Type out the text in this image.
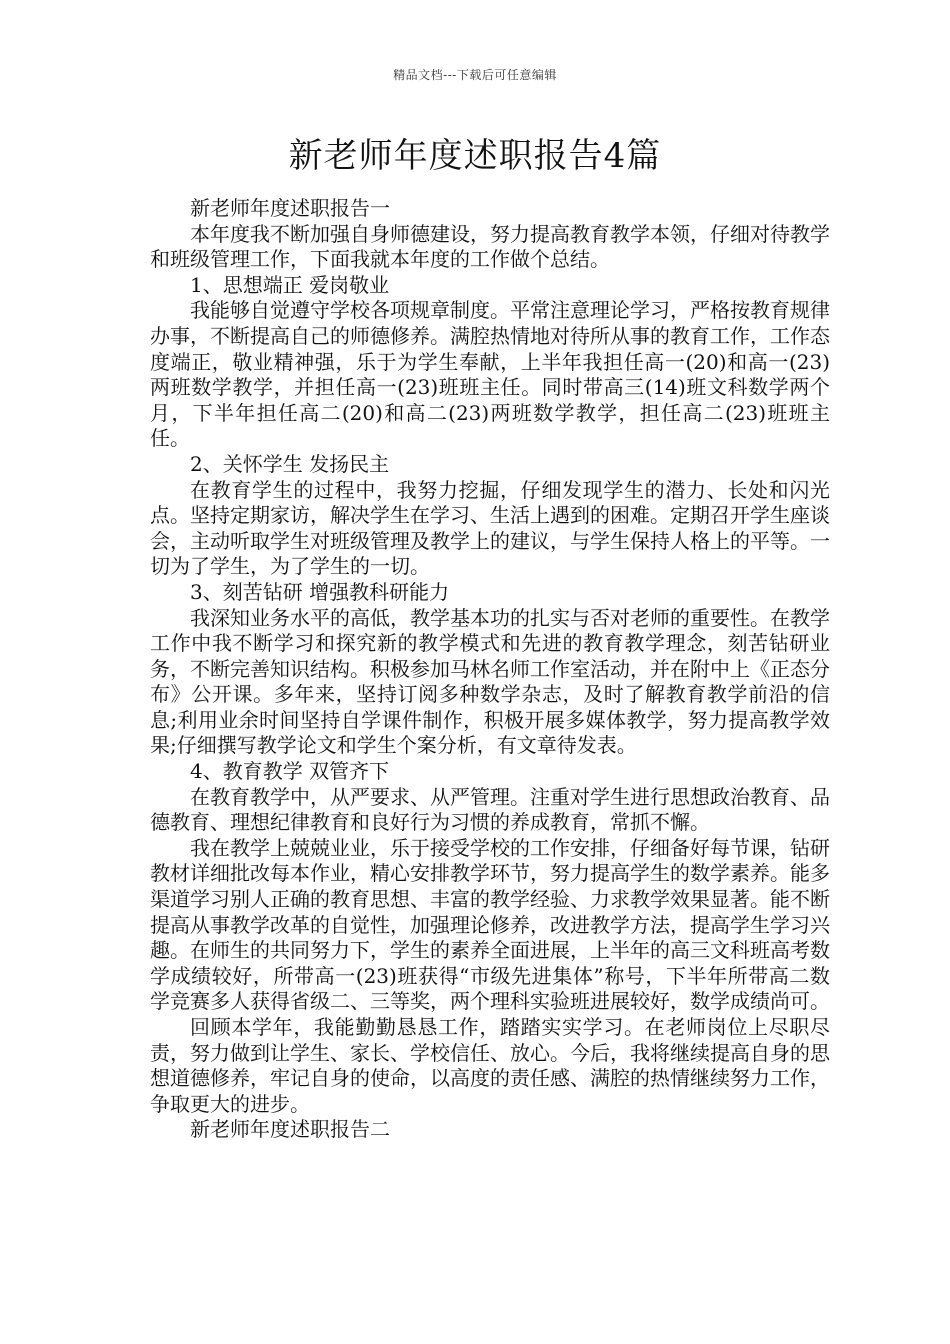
精品文档---下载后可任意编辑
新老师年度述职报告4篇

新老师年度述职报告一

本年度我不断加强自身师德建设，努力提高教育教学本领，仔细对待教学和班级管理工作，下面我就本年度的工作做个总结。

1、思想端正 爱岗敬业

我能够自觉遵守学校各项规章制度。平常注意理论学习，严格按教育规律办事，不断提高自己的师德修养。满腔热情地对待所从事的教育工作，工作态度端正，敬业精神强，乐于为学生奉献，上半年我担任高一(20)和高一(23)两班数学教学，并担任高一(23)班班主任。同时带高三(14)班文科数学两个月，下半年担任高二(20)和高二(23)两班数学教学，担任高二(23)班班主任。

2、关怀学生 发扬民主

在教育学生的过程中，我努力挖掘，仔细发现学生的潜力、长处和闪光点。坚持定期家访，解决学生在学习、生活上遇到的困难。定期召开学生座谈会，主动听取学生对班级管理及教学上的建议，与学生保持人格上的平等。一切为了学生，为了学生的一切。

3、刻苦钻研 增强教科研能力

我深知业务水平的高低，教学基本功的扎实与否对老师的重要性。在教学工作中我不断学习和探究新的教学模式和先进的教育教学理念，刻苦钻研业务，不断完善知识结构。积极参加马林名师工作室活动，并在附中上《正态分布》公开课。多年来，坚持订阅多种数学杂志，及时了解教育教学前沿的信息;利用业余时间坚持自学课件制作，积极开展多媒体教学，努力提高教学效果;仔细撰写教学论文和学生个案分析，有文章待发表。

4、教育教学 双管齐下

在教育教学中，从严要求、从严管理。注重对学生进行思想政治教育、品德教育、理想纪律教育和良好行为习惯的养成教育，常抓不懈。

我在教学上兢兢业业，乐于接受学校的工作安排，仔细备好每节课，钻研教材详细批改每本作业，精心安排教学环节，努力提高学生的数学素养。能多渠道学习别人正确的教育思想、丰富的教学经验、力求教学效果显著。能不断提高从事教学改革的自觉性，加强理论修养，改进教学方法，提高学生学习兴趣。在师生的共同努力下，学生的素养全面进展，上半年的高三文科班高考数学成绩较好，所带高一(23)班获得“市级先进集体”称号，下半年所带高二数学竞赛多人获得省级二、三等奖，两个理科实验班进展较好，数学成绩尚可。

回顾本学年，我能勤勤恳恳工作，踏踏实实学习。在老师岗位上尽职尽责，努力做到让学生、家长、学校信任、放心。今后，我将继续提高自身的思想道德修养，牢记自身的使命，以高度的责任感、满腔的热情继续努力工作，争取更大的进步。

新老师年度述职报告二
